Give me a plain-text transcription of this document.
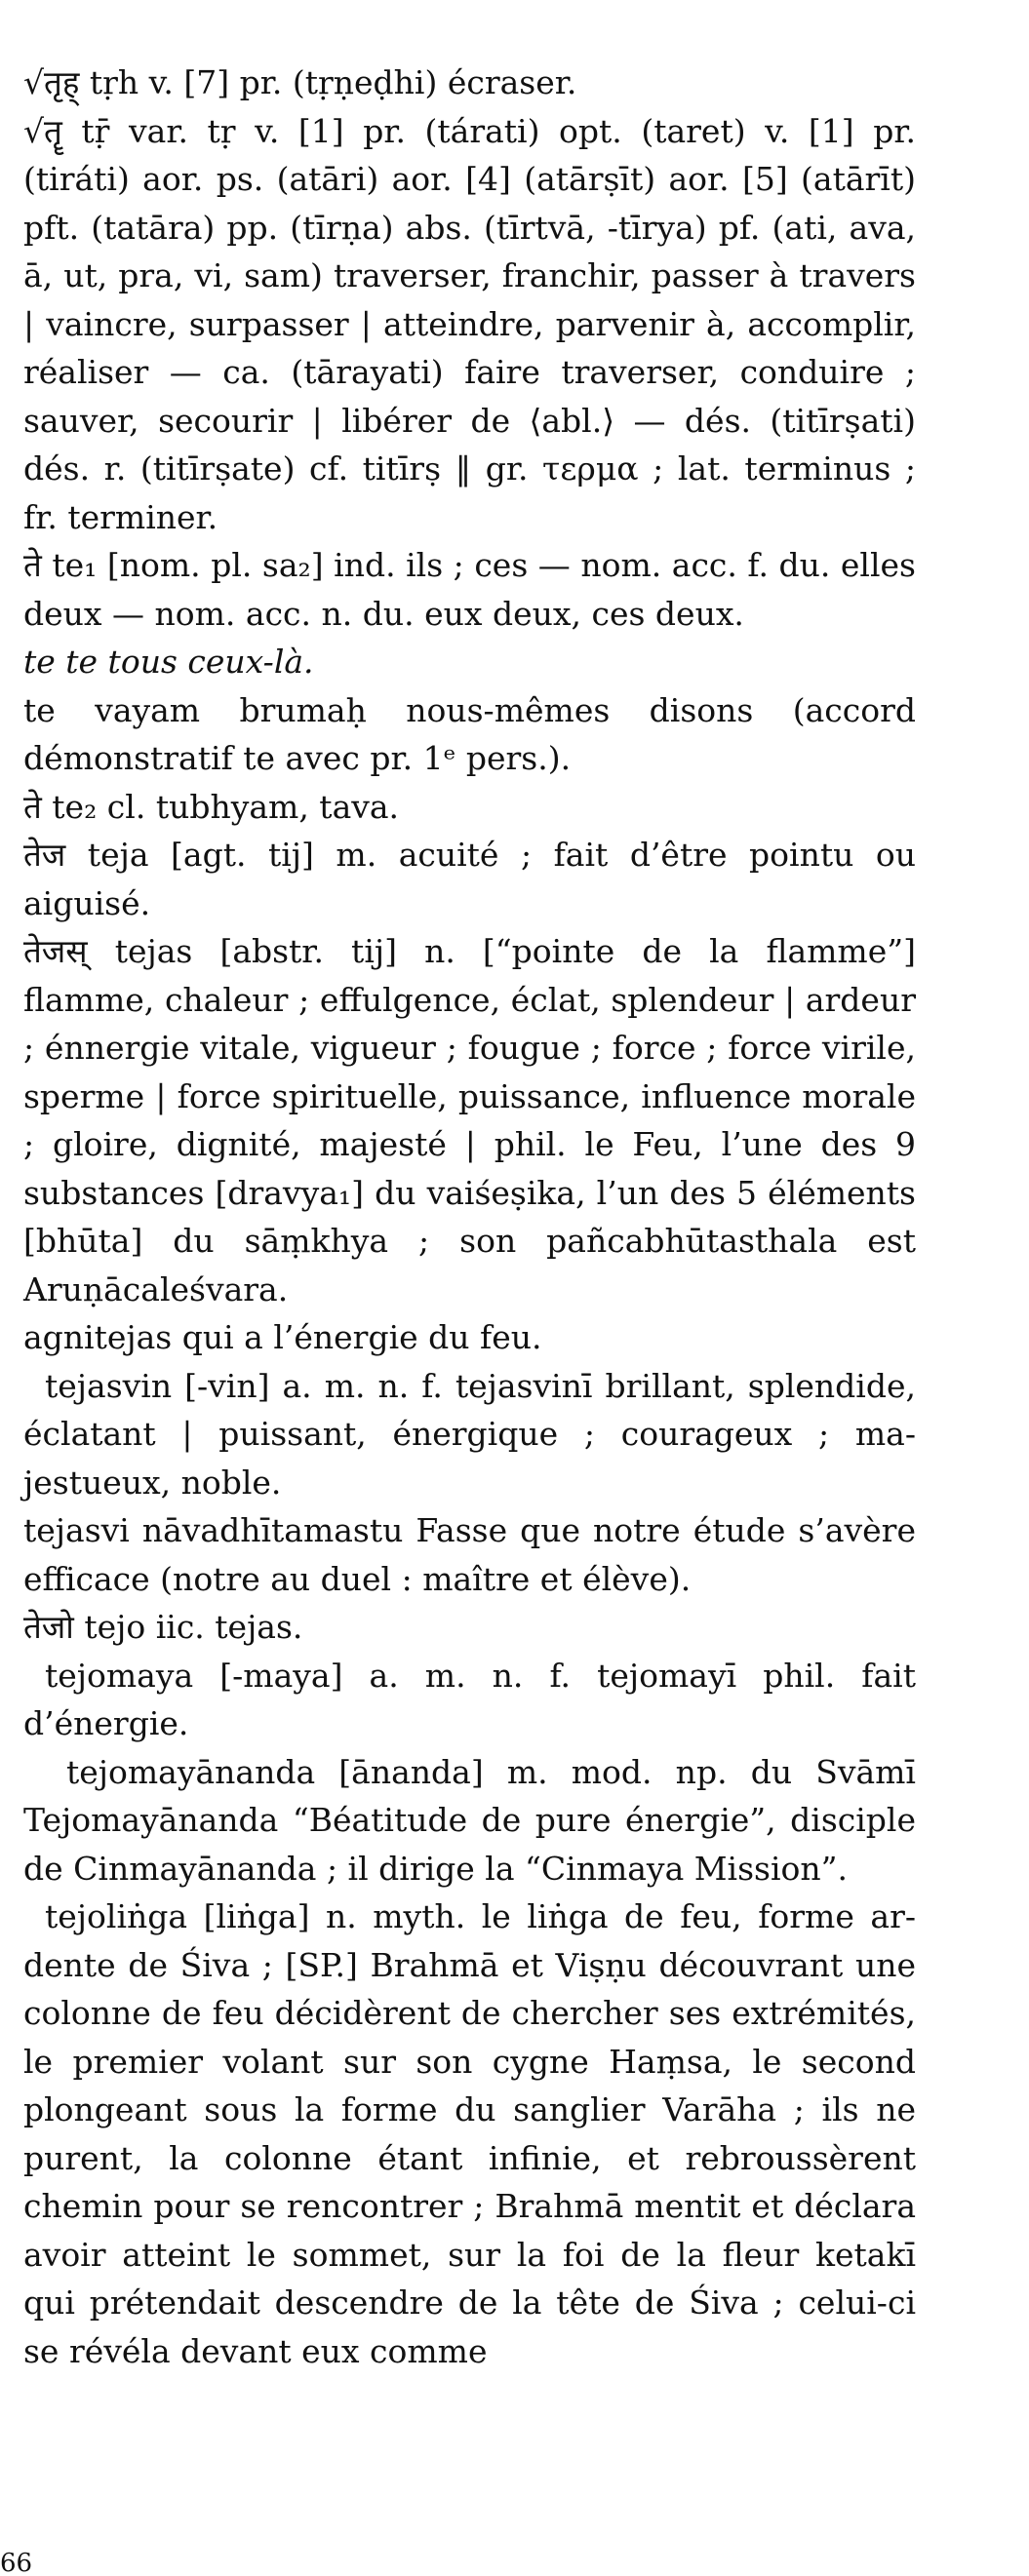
√तृह् tṛh v. [7] pr. (tṛṇeḍhi) écraser.

√तॄ tṝ var. tṛ v. [1] pr. (tárati) opt. (taret) v. [1] pr. (tiráti) aor. ps. (atāri) aor. [4] (atārṣīt) aor. [5] (atārīt) pft. (tatāra) pp. (tīrṇa) abs. (tīrtvā, -tīrya) pf. (ati, ava, ā, ut, pra, vi, sam) traverser, franchir, passer à travers | vaincre, surpasser | atteindre, parvenir à, accomplir, réaliser — ca. (tārayati) faire traverser, conduire ; sauver, secourir | libérer de ⟨abl.⟩ — dés. (titīrṣati) dés. r. (titīrṣate) cf. titīrṣ ‖ gr. τερμα ; lat. terminus ; fr. terminer.

ते te₁ [nom. pl. sa₂] ind. ils ; ces — nom. acc. f. du. elles deux — nom. acc. n. du. eux deux, ces deux.

te te tous ceux-là.

te vayam brumaḥ nous-mêmes disons (accord démonstratif te avec pr. 1ᵉ pers.).

ते te₂ cl. tubhyam, tava.

तेज teja [agt. tij] m. acuité ; fait d’être pointu ou aiguisé.

तेजस् tejas [abstr. tij] n. [“pointe de la flamme”] flamme, chaleur ; effulgence, éclat, splendeur | ardeur ; énnergie vitale, vigueur ; fougue ; force ; force virile, sperme | force spirituelle, puissance, influence morale ; gloire, dignité, majesté | phil. le Feu, l’une des 9 substances [dravya₁] du vaiśeṣika, l’un des 5 éléments [bhūta] du sāṃkhya ; son pañcabhūtasthala est Aruṇācaleśvara.

agnitejas qui a l’énergie du feu.

tejasvin [-vin] a. m. n. f. tejasvinī brillant, splendide, éclatant | puissant, énergique ; courageux ; majestueux, noble.

tejasvi nāvadhītamastu Fasse que notre étude s’avère efficace (notre au duel : maître et élève).

तेजो tejo iic. tejas.

tejomaya [-maya] a. m. n. f. tejomayī phil. fait d’énergie.

tejomayānanda [ānanda] m. mod. np. du Svāmī Tejomayānanda “Béatitude de pure énergie”, disciple de Cinmayānanda ; il dirige la “Cinmaya Mission”.

tejoliṅga [liṅga] n. myth. le liṅga de feu, forme ardente de Śiva ; [SP.] Brahmā et Viṣṇu découvrant une colonne de feu décidèrent de chercher ses extrémités, le premier volant sur son cygne Haṃsa, le second plongeant sous la forme du sanglier Varāha ; ils ne purent, la colonne étant infinie, et rebroussèrent chemin pour se rencontrer ; Brahmā mentit et déclara avoir atteint le sommet, sur la foi de la fleur ketakī qui prétendait descendre de la tête de Śiva ; celui-ci se révéla devant eux comme

66
